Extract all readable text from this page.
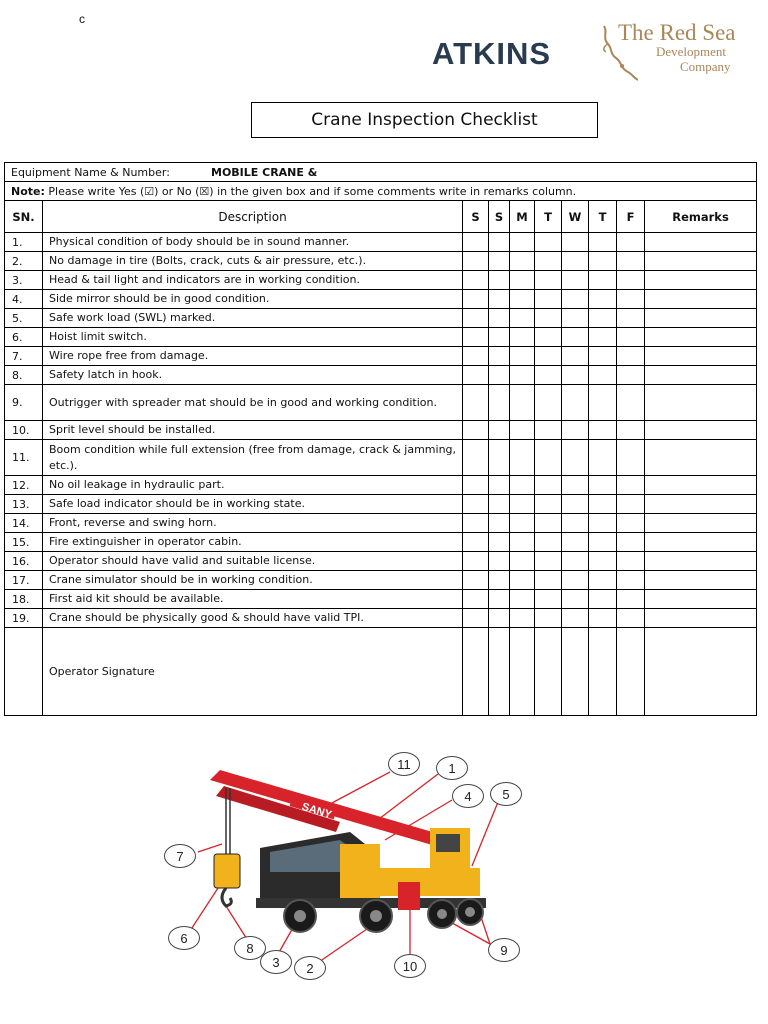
c
ATKINS
The Red Sea
Development
Company
Crane Inspection Checklist
Equipment Name & Number: MOBILE CRANE &									
Note: Please write Yes (☑) or No (☒) in the given box and if some comments write in remarks column.									
SN.	Description	S	S	M	T	W	T	F	Remarks
1.	Physical condition of body should be in sound manner.								
2.	No damage in tire (Bolts, crack, cuts & air pressure, etc.).								
3.	Head & tail light and indicators are in working condition.								
4.	Side mirror should be in good condition.								
5.	Safe work load (SWL) marked.								
6.	Hoist limit switch.								
7.	Wire rope free from damage.								
8.	Safety latch in hook.								
9.	Outrigger with spreader mat should be in good and working condition.								
10.	Sprit level should be installed.								
11.	Boom condition while full extension (free from damage, crack & jamming, etc.).								
12.	No oil leakage in hydraulic part.								
13.	Safe load indicator should be in working state.								
14.	Front, reverse and swing horn.								
15.	Fire extinguisher in operator cabin.								
16.	Operator should have valid and suitable license.								
17.	Crane simulator should be in working condition.								
18.	First aid kit should be available.								
19.	Crane should be physically good & should have valid TPI.								
	Operator Signature								
SANY
11	1
4	5
7
6
8
3	2	10
9
